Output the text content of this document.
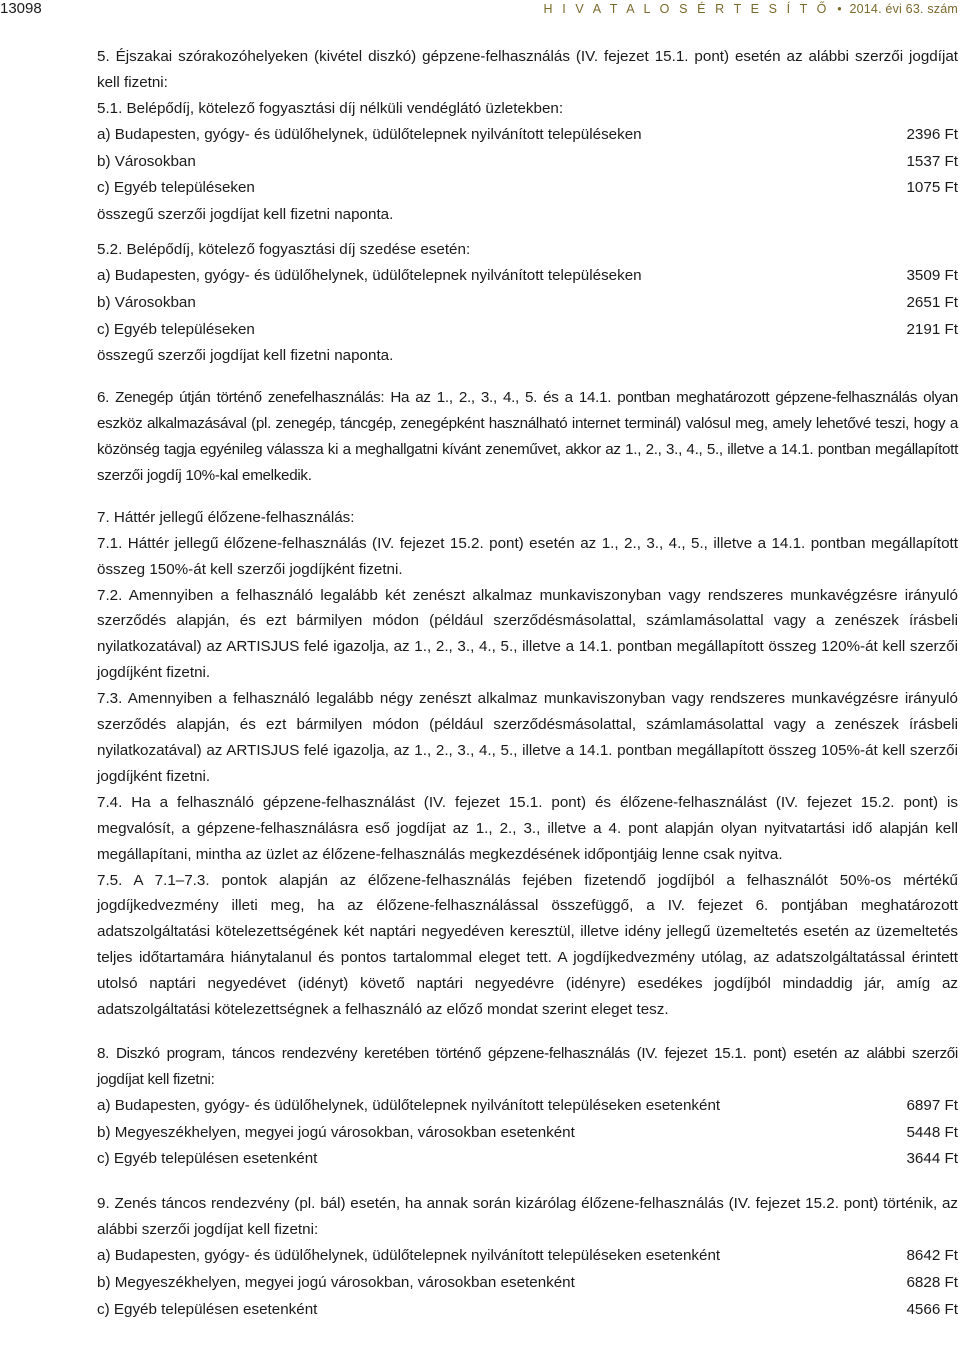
13098	H I V A T A L O S É R T E S Í T Ő • 2014. évi 63. szám

5. Éjszakai szórakozóhelyeken (kivétel diszkó) gépzene-felhasználás (IV. fejezet 15.1. pont) esetén az alábbi szerzői jogdíjat kell fizetni:

5.1. Belépődíj, kötelező fogyasztási díj nélküli vendéglátó üzletekben:

a) Budapesten, gyógy- és üdülőhelynek, üdülőtelepnek nyilvánított településeken	2396 Ft
b) Városokban	1537 Ft
c) Egyéb településeken	1075 Ft

összegű szerzői jogdíjat kell fizetni naponta.

5.2. Belépődíj, kötelező fogyasztási díj szedése esetén:

a) Budapesten, gyógy- és üdülőhelynek, üdülőtelepnek nyilvánított településeken	3509 Ft
b) Városokban	2651 Ft
c) Egyéb településeken	2191 Ft

összegű szerzői jogdíjat kell fizetni naponta.

6. Zenegép útján történő zenefelhasználás: Ha az 1., 2., 3., 4., 5. és a 14.1. pontban meghatározott gépzene-felhasználás olyan eszköz alkalmazásával (pl. zenegép, táncgép, zenegépként használható internet terminál) valósul meg, amely lehetővé teszi, hogy a közönség tagja egyénileg válassza ki a meghallgatni kívánt zeneművet, akkor az 1., 2., 3., 4., 5., illetve a 14.1. pontban megállapított szerzői jogdíj 10%-kal emelkedik.

7. Háttér jellegű élőzene-felhasználás:

7.1. Háttér jellegű élőzene-felhasználás (IV. fejezet 15.2. pont) esetén az 1., 2., 3., 4., 5., illetve a 14.1. pontban megállapított összeg 150%-át kell szerzői jogdíjként fizetni.

7.2. Amennyiben a felhasználó legalább két zenészt alkalmaz munkaviszonyban vagy rendszeres munkavégzésre irányuló szerződés alapján, és ezt bármilyen módon (például szerződésmásolattal, számlamásolattal vagy a zenészek írásbeli nyilatkozatával) az ARTISJUS felé igazolja, az 1., 2., 3., 4., 5., illetve a 14.1. pontban megállapított összeg 120%-át kell szerzői jogdíjként fizetni.

7.3. Amennyiben a felhasználó legalább négy zenészt alkalmaz munkaviszonyban vagy rendszeres munkavégzésre irányuló szerződés alapján, és ezt bármilyen módon (például szerződésmásolattal, számlamásolattal vagy a zenészek írásbeli nyilatkozatával) az ARTISJUS felé igazolja, az 1., 2., 3., 4., 5., illetve a 14.1. pontban megállapított összeg 105%-át kell szerzői jogdíjként fizetni.

7.4. Ha a felhasználó gépzene-felhasználást (IV. fejezet 15.1. pont) és élőzene-felhasználást (IV. fejezet 15.2. pont) is megvalósít, a gépzene-felhasználásra eső jogdíjat az 1., 2., 3., illetve a 4. pont alapján olyan nyitvatartási idő alapján kell megállapítani, mintha az üzlet az élőzene-felhasználás megkezdésének időpontjáig lenne csak nyitva.

7.5. A 7.1–7.3. pontok alapján az élőzene-felhasználás fejében fizetendő jogdíjból a felhasználót 50%-os mértékű jogdíjkedvezmény illeti meg, ha az élőzene-felhasználással összefüggő, a IV. fejezet 6. pontjában meghatározott adatszolgáltatási kötelezettségének két naptári negyedéven keresztül, illetve idény jellegű üzemeltetés esetén az üzemeltetés teljes időtartamára hiánytalanul és pontos tartalommal eleget tett. A jogdíjkedvezmény utólag, az adatszolgáltatással érintett utolsó naptári negyedévet (idényt) követő naptári negyedévre (idényre) esedékes jogdíjból mindaddig jár, amíg az adatszolgáltatási kötelezettségnek a felhasználó az előző mondat szerint eleget tesz.

8. Diszkó program, táncos rendezvény keretében történő gépzene-felhasználás (IV. fejezet 15.1. pont) esetén az alábbi szerzői jogdíjat kell fizetni:

a) Budapesten, gyógy- és üdülőhelynek, üdülőtelepnek nyilvánított településeken esetenként	6897 Ft
b) Megyeszékhelyen, megyei jogú városokban, városokban esetenként	5448 Ft
c) Egyéb településen esetenként	3644 Ft

9. Zenés táncos rendezvény (pl. bál) esetén, ha annak során kizárólag élőzene-felhasználás (IV. fejezet 15.2. pont) történik, az alábbi szerzői jogdíjat kell fizetni:

a) Budapesten, gyógy- és üdülőhelynek, üdülőtelepnek nyilvánított településeken esetenként	8642 Ft
b) Megyeszékhelyen, megyei jogú városokban, városokban esetenként	6828 Ft
c) Egyéb településen esetenként	4566 Ft
